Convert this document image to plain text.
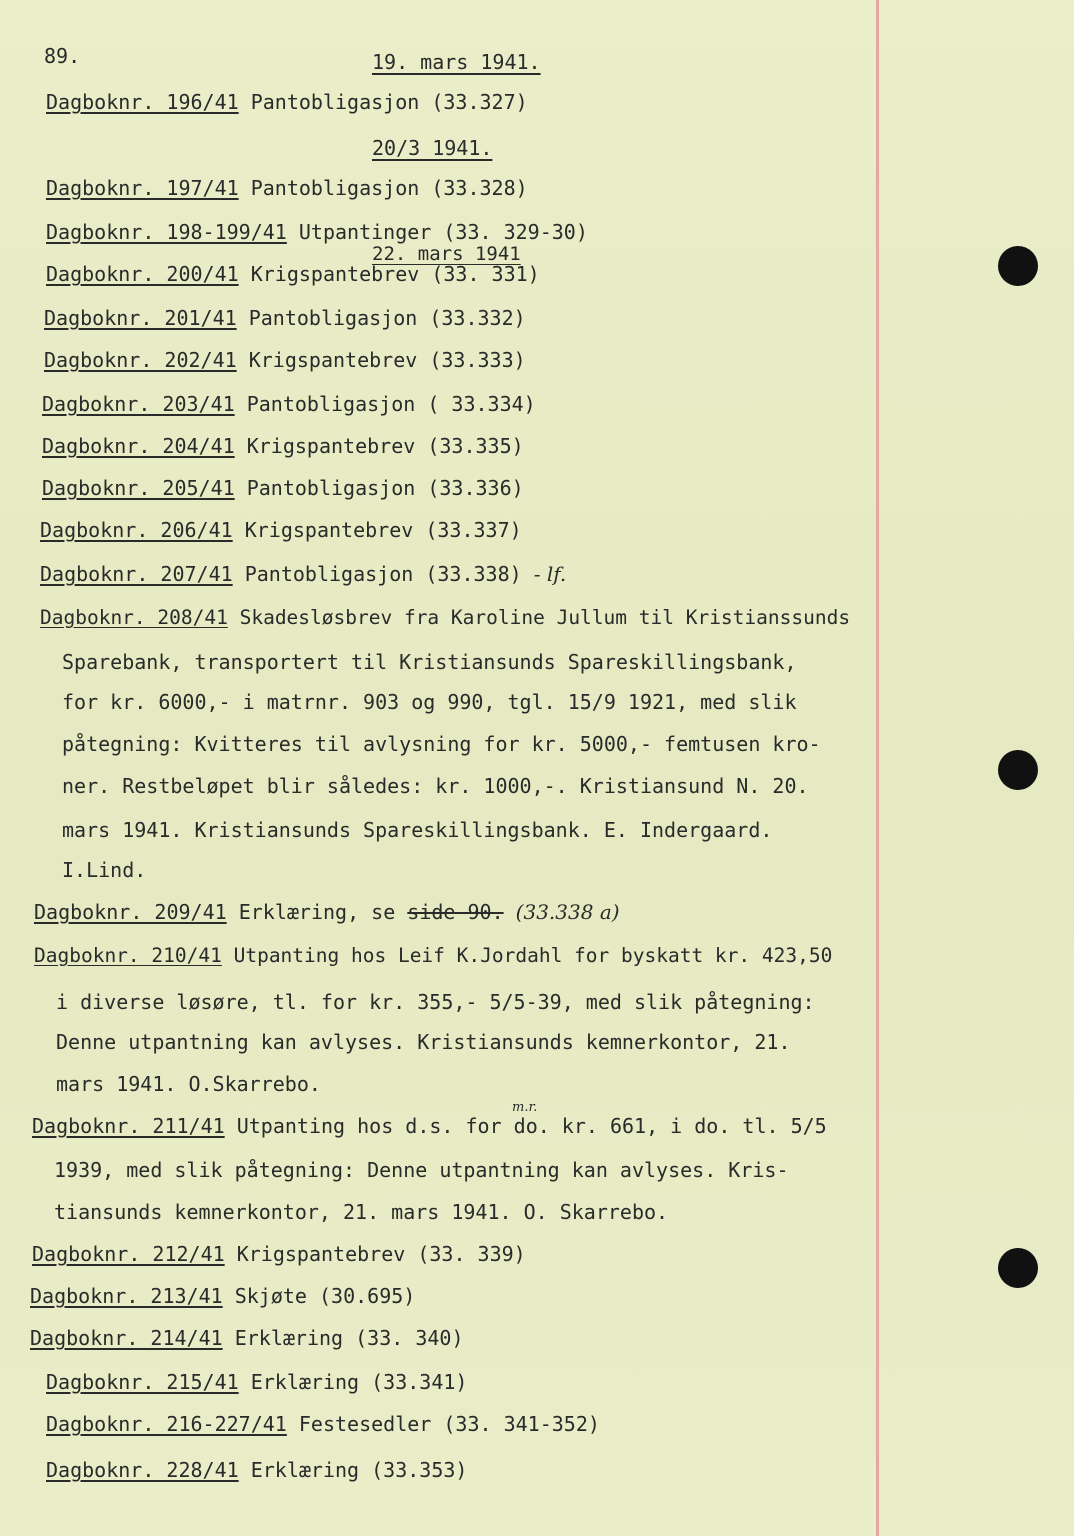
89.	19. mars 1941.
Dagboknr. 196/41 Pantobligasjon (33.327)
20/3 1941.
Dagboknr. 197/41 Pantobligasjon (33.328)
Dagboknr. 198-199/41 Utpantinger (33. 329-30)
22. mars 1941
Dagboknr. 200/41 Krigspantebrev (33. 331)
Dagboknr. 201/41 Pantobligasjon (33.332)
Dagboknr. 202/41 Krigspantebrev (33.333)
Dagboknr. 203/41 Pantobligasjon ( 33.334)
Dagboknr. 204/41 Krigspantebrev (33.335)
Dagboknr. 205/41 Pantobligasjon (33.336)
Dagboknr. 206/41 Krigspantebrev (33.337)
Dagboknr. 207/41 Pantobligasjon (33.338) - lf.
Dagboknr. 208/41 Skadesløsbrev fra Karoline Jullum til Kristianssunds
Sparebank, transportert til Kristiansunds Spareskillingsbank,
for kr. 6000,- i matrnr. 903 og 990, tgl. 15/9 1921, med slik
påtegning: Kvitteres til avlysning for kr. 5000,- femtusen kro-
ner. Restbeløpet blir således: kr. 1000,-. Kristiansund N. 20.
mars 1941. Kristiansunds Spareskillingsbank. E. Indergaard.
I.Lind.
Dagboknr. 209/41 Erklæring, se side 90. (33.338 a)
Dagboknr. 210/41 Utpanting hos Leif K.Jordahl for byskatt kr. 423,50
i diverse løsøre, tl. for kr. 355,- 5/5-39, med slik påtegning:
Denne utpantning kan avlyses. Kristiansunds kemnerkontor, 21.
mars 1941. O.Skarrebo.
m.r.
Dagboknr. 211/41 Utpanting hos d.s. for do. kr. 661, i do. tl. 5/5
1939, med slik påtegning: Denne utpantning kan avlyses. Kris-
tiansunds kemnerkontor, 21. mars 1941. O. Skarrebo.
Dagboknr. 212/41 Krigspantebrev (33. 339)
Dagboknr. 213/41 Skjøte (30.695)
Dagboknr. 214/41 Erklæring (33. 340)
Dagboknr. 215/41 Erklæring (33.341)
Dagboknr. 216-227/41 Festesedler (33. 341-352)
Dagboknr. 228/41 Erklæring (33.353)
